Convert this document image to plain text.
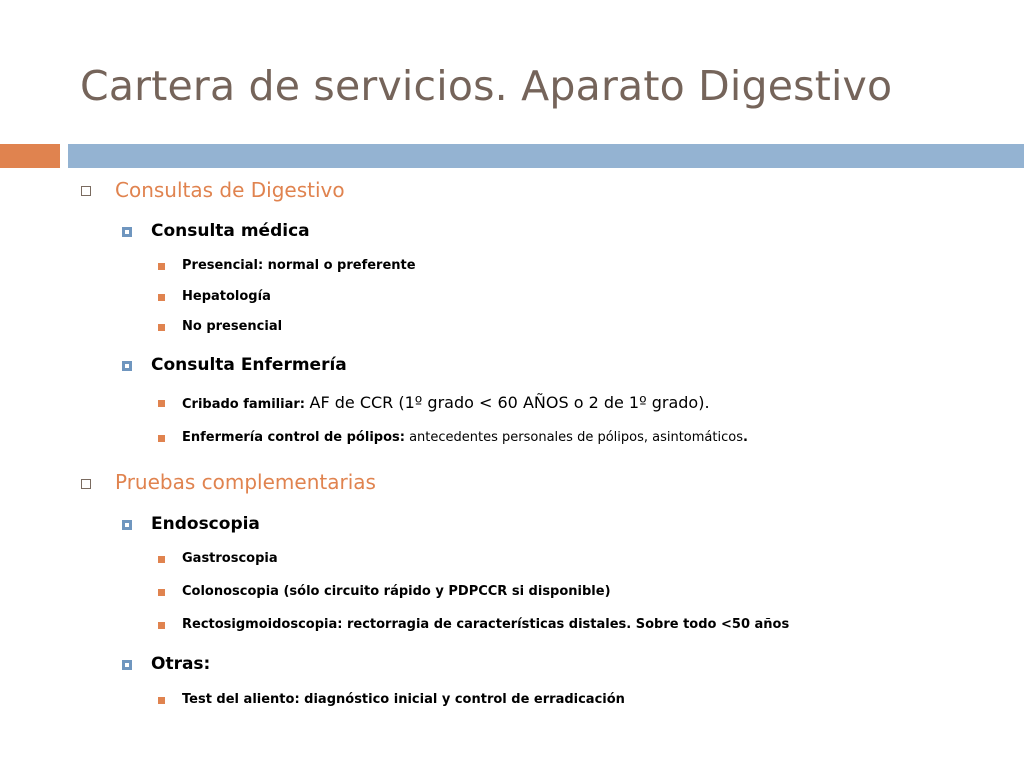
Cartera de servicios. Aparato Digestivo
Consultas de Digestivo
Consulta médica
Presencial: normal o preferente
Hepatología
No presencial
Consulta Enfermería
Cribado familiar: AF de CCR (1º grado < 60 AÑOS o 2 de 1º grado).
Enfermería control de pólipos: antecedentes personales de pólipos, asintomáticos.
Pruebas complementarias
Endoscopia
Gastroscopia
Colonoscopia (sólo circuito rápido y PDPCCR si disponible)
Rectosigmoidoscopia: rectorragia de características distales. Sobre todo <50 años
Otras:
Test del aliento: diagnóstico inicial y control de erradicación
